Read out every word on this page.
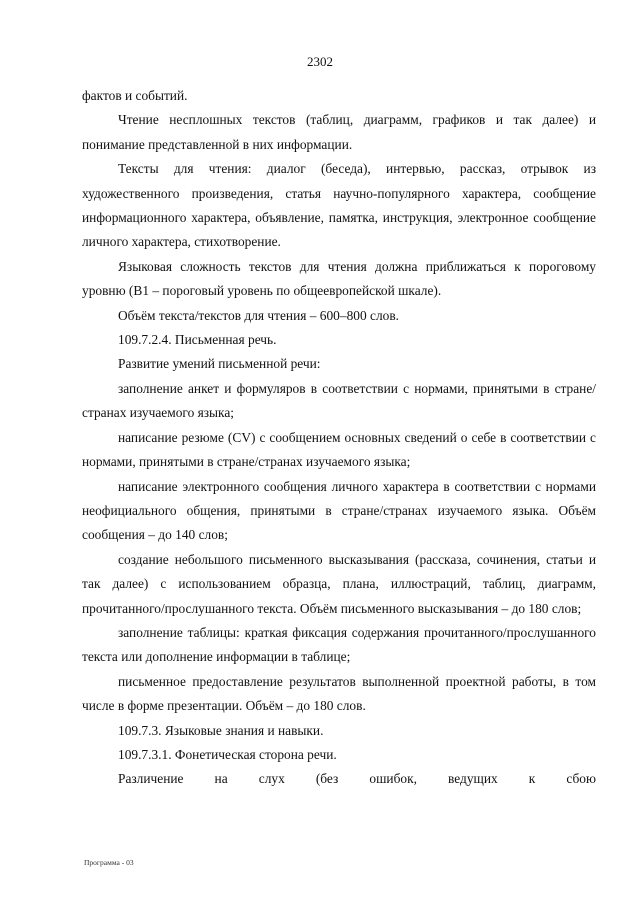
2302

фактов и событий.

Чтение несплошных текстов (таблиц, диаграмм, графиков и так далее) и понимание представленной в них информации.

Тексты для чтения: диалог (беседа), интервью, рассказ, отрывок из художественного произведения, статья научно-популярного характера, сообщение информационного характера, объявление, памятка, инструкция, электронное сообщение личного характера, стихотворение.

Языковая сложность текстов для чтения должна приближаться к пороговому уровню (В1 – пороговый уровень по общеевропейской шкале).

Объём текста/текстов для чтения – 600–800 слов.

109.7.2.4. Письменная речь.

Развитие умений письменной речи:

заполнение анкет и формуляров в соответствии с нормами, принятыми в стране/странах изучаемого языка;

написание резюме (CV) с сообщением основных сведений о себе в соответствии с нормами, принятыми в стране/странах изучаемого языка;

написание электронного сообщения личного характера в соответствии с нормами неофициального общения, принятыми в стране/странах изучаемого языка. Объём сообщения – до 140 слов;

создание небольшого письменного высказывания (рассказа, сочинения, статьи и так далее) с использованием образца, плана, иллюстраций, таблиц, диаграмм, прочитанного/прослушанного текста. Объём письменного высказывания – до 180 слов;

заполнение таблицы: краткая фиксация содержания прочитанного/прослушанного текста или дополнение информации в таблице;

письменное предоставление результатов выполненной проектной работы, в том числе в форме презентации. Объём – до 180 слов.

109.7.3. Языковые знания и навыки.

109.7.3.1. Фонетическая сторона речи.

Различение на слух (без ошибок, ведущих к сбою

Программа - 03
